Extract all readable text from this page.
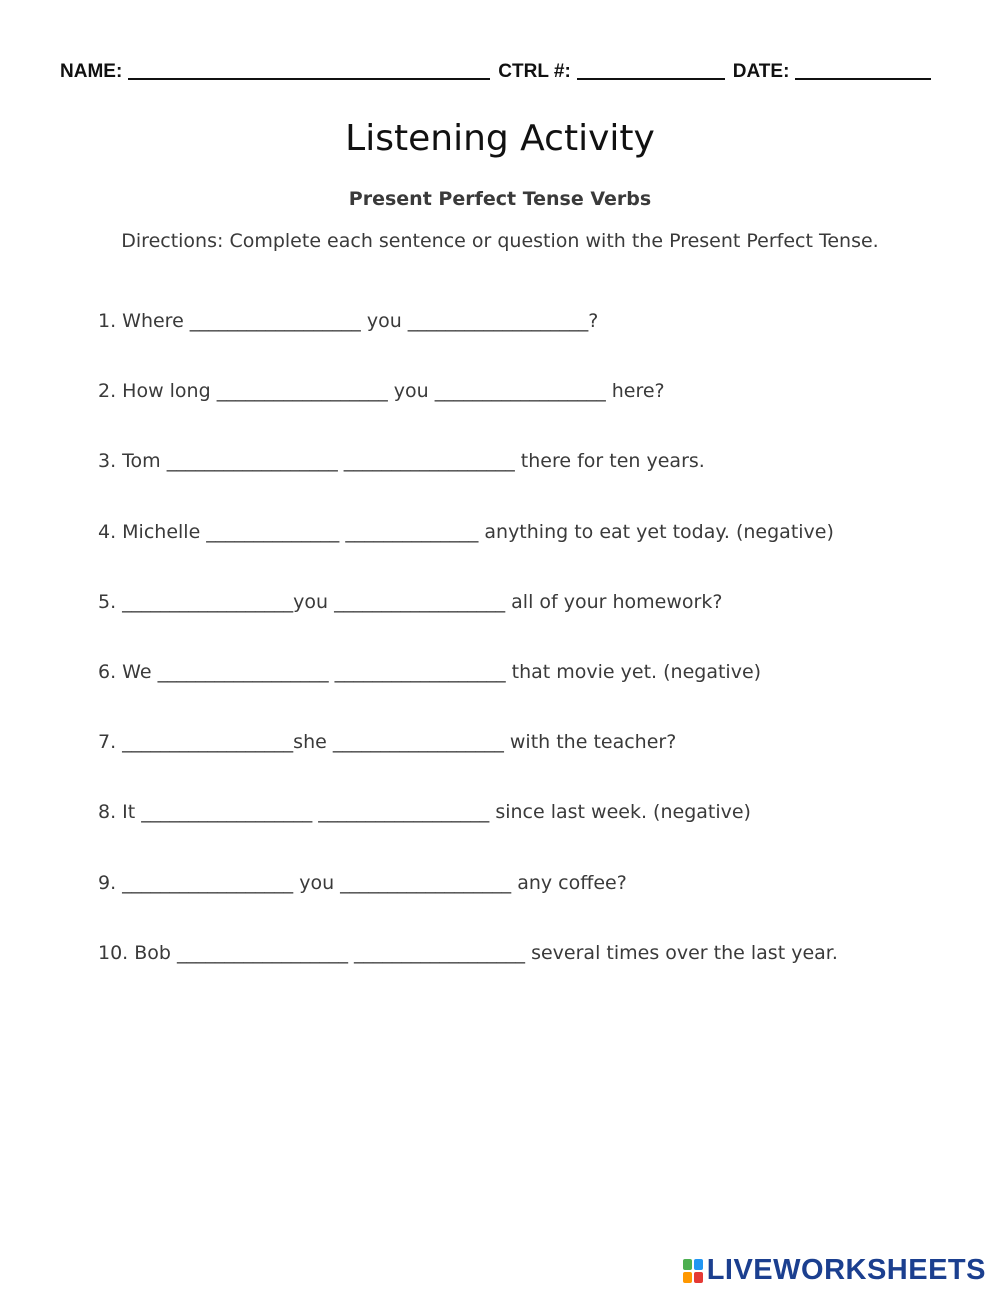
NAME:	CTRL #:	DATE:
Listening Activity
Present Perfect Tense Verbs
Directions: Complete each sentence or question with the Present Perfect Tense.
1. Where __________________ you ___________________?
2. How long __________________ you __________________ here?
3. Tom __________________ __________________ there for ten years.
4. Michelle ______________ ______________ anything to eat yet today. (negative)
5. __________________you __________________ all of your homework?
6. We __________________ __________________ that movie yet. (negative)
7. __________________she __________________ with the teacher?
8. It __________________ __________________ since last week. (negative)
9. __________________ you __________________ any coffee?
10. Bob __________________ __________________ several times over the last year.
LIVEWORKSHEETS
